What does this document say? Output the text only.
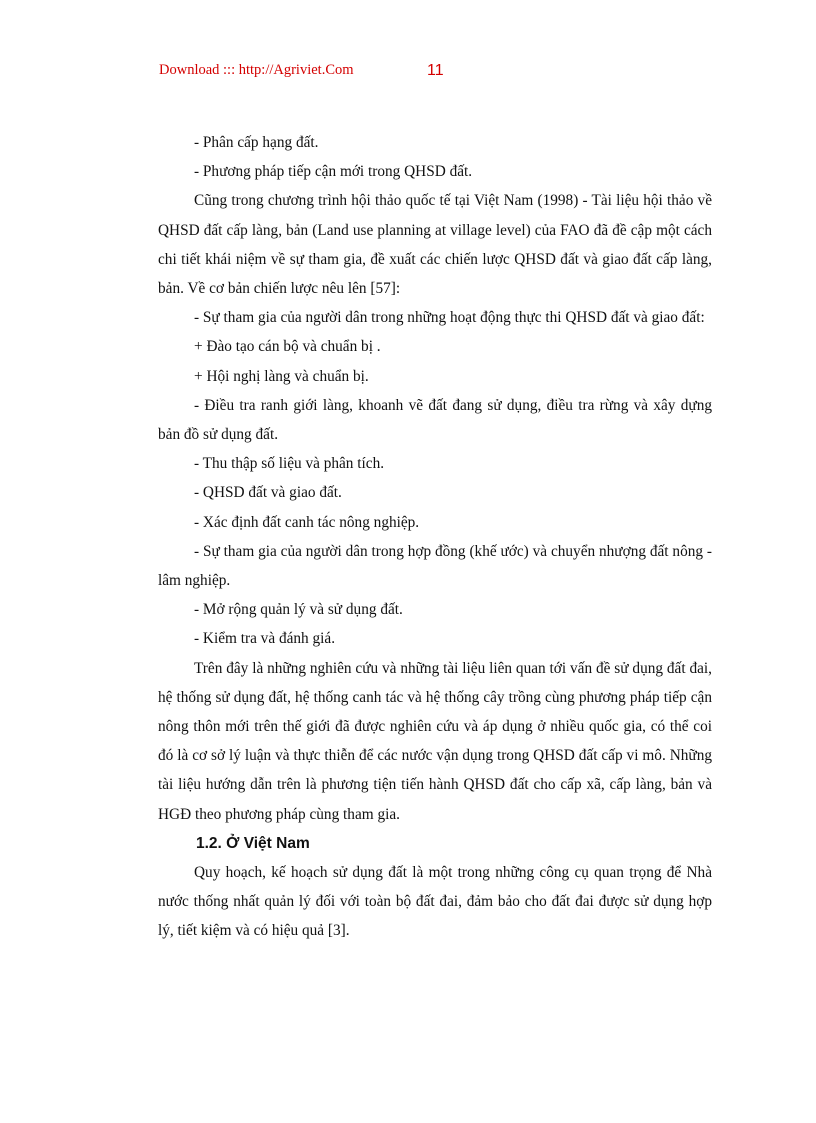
Download ::: http://Agriviet.Com	11

- Phân cấp hạng đất.

- Phương pháp tiếp cận mới trong QHSD đất.

Cũng trong chương trình hội thảo quốc tế tại Việt Nam (1998) - Tài liệu hội thảo về QHSD đất cấp làng, bản (Land use planning at village level) của FAO đã đề cập một cách chi tiết khái niệm về sự tham gia, đề xuất các chiến lược QHSD đất và giao đất cấp làng, bản. Về cơ bản chiến lược nêu lên [57]:

- Sự tham gia của người dân trong những hoạt động thực thi QHSD đất và giao đất:

+ Đào tạo cán bộ và chuẩn bị .

+ Hội nghị làng và chuẩn bị.

- Điều tra ranh giới làng, khoanh vẽ đất đang sử dụng, điều tra rừng và xây dựng bản đồ sử dụng đất.

- Thu thập số liệu và phân tích.

- QHSD đất và giao đất.

- Xác định đất canh tác nông nghiệp.

- Sự tham gia của người dân trong hợp đồng (khế ước) và chuyển nhượng đất nông - lâm nghiệp.

- Mở rộng quản lý và sử dụng đất.

- Kiểm tra và đánh giá.

Trên đây là những nghiên cứu và những tài liệu liên quan tới vấn đề sử dụng đất đai, hệ thống sử dụng đất, hệ thống canh tác và hệ thống cây trồng cùng phương pháp tiếp cận nông thôn mới trên thế giới đã được nghiên cứu và áp dụng ở nhiều quốc gia, có thể coi đó là cơ sở lý luận và thực thiễn để các nước vận dụng trong QHSD đất cấp vi mô. Những tài liệu hướng dẫn trên là phương tiện tiến hành QHSD đất cho cấp xã, cấp làng, bản và HGĐ theo phương pháp cùng tham gia.

1.2. Ở Việt Nam

Quy hoạch, kế hoạch sử dụng đất là một trong những công cụ quan trọng để Nhà nước thống nhất quản lý đối với toàn bộ đất đai, đảm bảo cho đất đai được sử dụng hợp lý, tiết kiệm và có hiệu quả [3].
